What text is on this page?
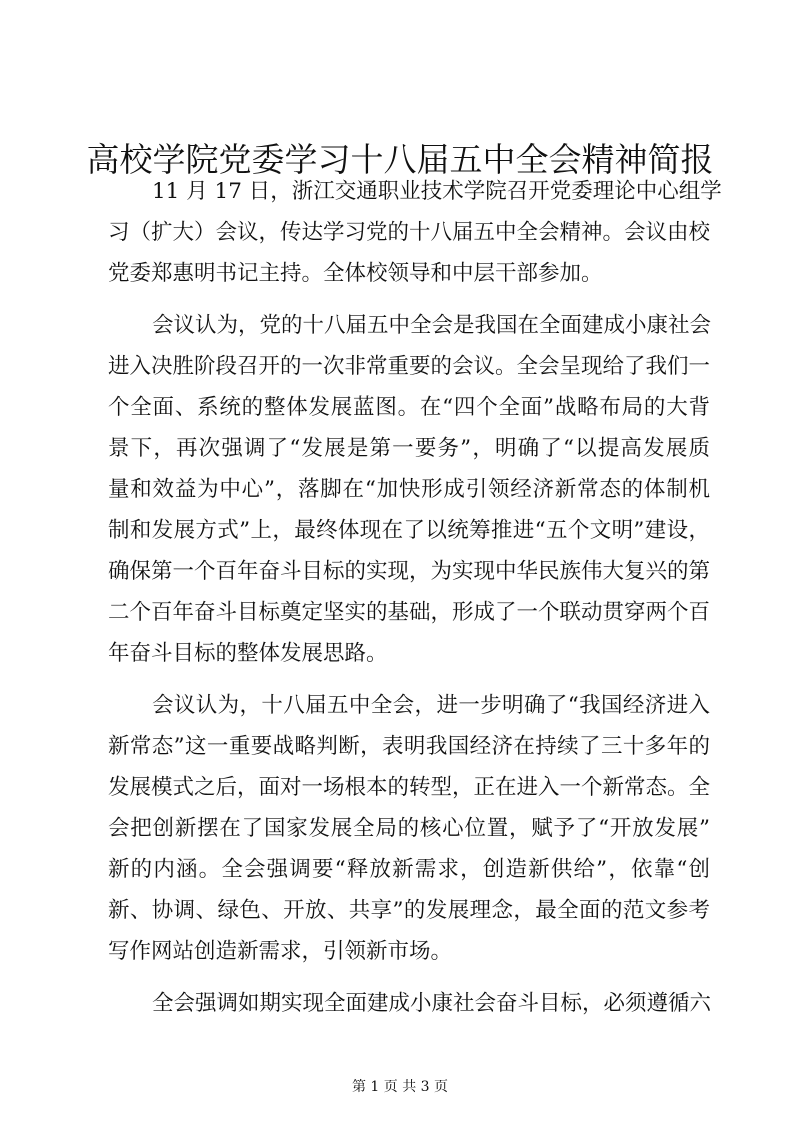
高校学院党委学习十八届五中全会精神简报
11 月 17 日，浙江交通职业技术学院召开党委理论中心组学
习（扩大）会议，传达学习党的十八届五中全会精神。会议由校
党委郑惠明书记主持。全体校领导和中层干部参加。
会议认为，党的十八届五中全会是我国在全面建成小康社会
进入决胜阶段召开的一次非常重要的会议。全会呈现给了我们一
个全面、系统的整体发展蓝图。在“四个全面”战略布局的大背
景下，再次强调了“发展是第一要务”，明确了“以提高发展质
量和效益为中心”，落脚在“加快形成引领经济新常态的体制机
制和发展方式”上，最终体现在了以统筹推进“五个文明”建设，
确保第一个百年奋斗目标的实现，为实现中华民族伟大复兴的第
二个百年奋斗目标奠定坚实的基础，形成了一个联动贯穿两个百
年奋斗目标的整体发展思路。
会议认为，十八届五中全会，进一步明确了“我国经济进入
新常态”这一重要战略判断，表明我国经济在持续了三十多年的
发展模式之后，面对一场根本的转型，正在进入一个新常态。全
会把创新摆在了国家发展全局的核心位置，赋予了“开放发展”
新的内涵。全会强调要“释放新需求，创造新供给”，依靠“创
新、协调、绿色、开放、共享”的发展理念，最全面的范文参考
写作网站创造新需求，引领新市场。
全会强调如期实现全面建成小康社会奋斗目标，必须遵循六
第 1 页 共 3 页
